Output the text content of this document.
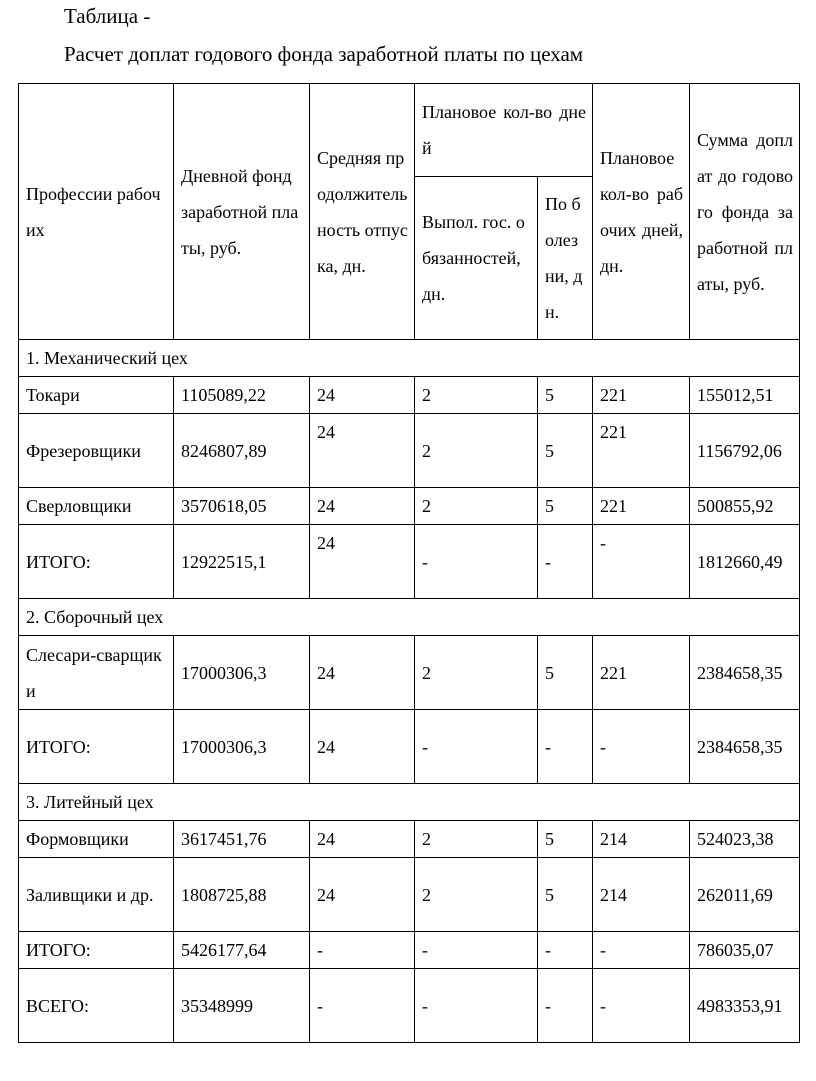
Таблица -
Расчет доплат годового фонда заработной платы по цехам
Профессии рабочих	Дневной фонд заработной платы, руб.	Средняя продолжительность отпуска, дн.	Плановое кол-во дней		Плановое кол-во рабочих дней, дн.	Сумма доплат до годового фонда заработной платы, руб.
			Выпол. гос. обязанностей, дн.	По болезни, дн.		
1. Механический цех						
Токари	1105089,22	24	2	5	221	155012,51
Фрезеровщики	8246807,89	24	2	5	221	1156792,06
Сверловщики	3570618,05	24	2	5	221	500855,92
ИТОГО:	12922515,1	24	-	-	-	1812660,49
2. Сборочный цех						
Слесари-сварщики	17000306,3	24	2	5	221	2384658,35
ИТОГО:	17000306,3	24	-	-	-	2384658,35
3. Литейный цех						
Формовщики	3617451,76	24	2	5	214	524023,38
Заливщики и др.	1808725,88	24	2	5	214	262011,69
ИТОГО:	5426177,64	-	-	-	-	786035,07
ВСЕГО:	35348999	-	-	-	-	4983353,91
